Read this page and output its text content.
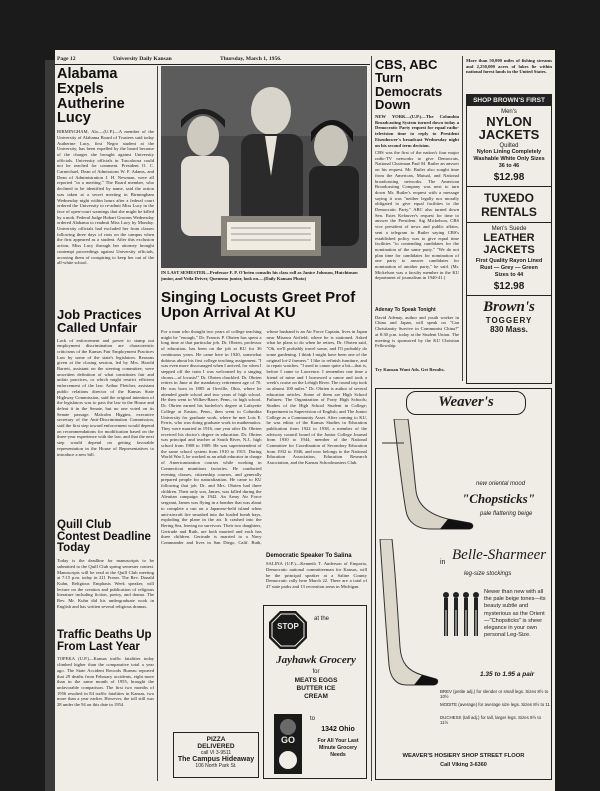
Page 12	University Daily Kansan	Thursday, March 1, 1956.
Alabama Expels Autherine Lucy
BIRMINGHAM, Ala.—(U.P.)—A member of the University of Alabama Board of Trustees said today Autherine Lucy, first Negro student at the University, has been expelled by the board because of the charges she brought against University officials. University officials in Tuscaloosa could not be reached for comment. President O. C. Carmichael, Dean of Admissions W. F. Adams, and Dean of Administration J. H. Newman, were all reported "in a meeting." The Board member, who declined to be identified by name, said the action was taken at a secret meeting in Birmingham Wednesday night within hours after a federal court ordered the University to re-admit Miss Lucy in the face of open-court warnings that she might be killed by a mob. Federal Judge Hobart Grooms Wednesday ordered Alabama to readmit Miss Lucy by Monday. University officials had excluded her from classes following three days of riots on the campus when the first appeared as a student. After this exclusion action, Miss Lucy through her attorney brought contempt proceedings against University officials, accusing them of conspiring to keep her out of the all-white school.
Job Practices Called Unfair
Lack of enforcement and power to stamp out employment discrimination are characteristic criticisms of the Kansas Fair Employment Practices Law by some of the state's legislators. Reasons given at the closing session, led by Mrs. Harold Barrett, assistant on the steering committee, were unwritten definition of what constitutes fair and unfair practices, or which might restrict efficient enforcement of the law. Arthur Fletcher, assistant public relations director of the Kansas State Highway Commission, said the original intention of the legislators was to pass the law in the House and defeat it in the Senate, but no one voted on its Senate passage. Malcolm Higgins, executive secretary of the Anti-Discrimination Commission, said the first step toward enforcement would depend on recommendations for modification based on the three-year experience with the law, and that the next step would depend on getting favorable representation in the House of Representatives to introduce a new bill.
Quill Club Contest Deadline Today
Today is the deadline for manuscripts to be submitted to the Quill Club spring semester contest. Manuscripts will be read at the Quill Club meeting at 7:15 p.m. today in 211 Fraser. The Rev. Donald Kuhn, Religious Emphasis Week speaker, will lecture on the creation and publication of religious literature including fiction, poetry, and drama. The Rev. Mr. Kuhn did his undergraduate work in English and has written several religious dramas.
Traffic Deaths Up From Last Year
TOPEKA (U.P.)—Kansas traffic fatalities today climbed higher than the comparative total a year ago. The State Accident Records Bureau reported that 29 deaths from February accidents, eight more than in the same month of 1955, brought the unfavorable comparison. The first two months of 1956 resulted in 84 traffic fatalities in Kansas, two more than a year earlier. However, the toll still was 28 under the 94 on this date in 1954.
IN LAST SEMESTER—Professor F. P. O'brien consults his class roll as Janice Johnson, Hutchinson junior, and Veila Driver, Quenemo junior, look on.—(Daily Kansan Photo)
Singing Locusts Greet Prof Upon Arrival At KU
For a man who thought two years of college teaching might be "enough," Dr. Francis P. Obrien has spent a long time at that particular job. Dr. Obrien, professor of education, has been on the job at KU for 36 continuous years. He came here in 1920, somewhat dubious about his first college teaching assignment. "I was even more discouraged when I arrived, for when I stepped off the train I was welcomed by a singing chorus—of locusts!" Dr. Obrien chuckled. Dr. Obrien retires in June at the mandatory retirement age of 70. He was born in 1885 at Orrville, Ohio, where he attended grade school and two years of high school. He then went to Wilkes-Barre, Penn., to high school. Dr. Obrien earned his bachelor's degree at Lafayette College at Easton, Penn., then went to Columbia University for graduate work, where he met Lois E. Ferris, who was doing graduate work in mathematics. They were married in 1916, one year after Dr. Obrien received his doctor's degree in education. Dr. Obrien was principal and teacher at South River, N.J., high school from 1908 to 1909. He was superintendent of the same school system from 1910 to 1915. During World War I, he worked as an adult educator in charge of Americanization courses while working in Connecticut munitions factories. He conducted evening classes, citizenship courses, and generally prepared people for naturalization. He came to KU following that job. Dr. and Mrs. Obrien had three children. Their only son, James, was killed during the Aleutian campaign in 1942. An Army Air Force sergeant, James was flying in a bomber that was about to complete a run on a Japanese-held island when anti-aircraft fire smashed into the loaded bomb bays, exploding the plane in the air. It crashed into the Bering Sea, leaving no survivors. Their two daughters, Gertrude and Ruth, are both married and each has three children. Gertrude is married to a Navy Commander and lives in San Diego, Calif. Ruth, whose husband is an Air Force Captain, lives in Japan near Misawa Airfield, where he is stationed. Asked what he plans to do when he retires, Dr. Obrien said, "Oh, we'll probably travel some, and I'll probably do some gardening. I think I might have been one of the original lot-2 farmers." I like to refinish furniture, and to repair watches. "I used to canoe quite a bit—that is, before I came to Lawrence. I remember one time a friend of mine and I borrowed a canoe and took a week's cruise on the Lehigh River. The round trip took us almost 100 miles." Dr. Obrien is author of several education articles. Some of them are High School Failures; The Organization of Forty High Schools; Studies of the High School Student in College; Experiment in Supervision of English; and The Junior College as a Community Asset. After coming to KU, he was editor of the Kansas Studies in Education publication from 1922 to 1938, a member of the advisory council board of the Junior College Journal from 1930 to 1944, member of the National Committee for Coordination of Secondary Education from 1932 to 1946, and now belongs to the National Education Association, Education Research Association, and the Kansas Schoolmasters Club.
Democratic Speaker To Salina
SALINA (U.P.)—Kenneth T. Anderson of Emporia, Democratic national committeeman for Kansas, will be the principal speaker at a Saline County Democratic rally here March 22. There are a total of 47 state parks and 13 recreation areas in Michigan.
STOP
at the
Jayhawk Grocery
for
MEATS EGGS BUTTER ICE CREAM
GO
to
1342 Ohio
For All Your Last Minute Grocery Needs
PIZZA
DELIVERED
call VI 3-9511
The Campus Hideaway
106 North Park St.
CBS, ABC Turn Democrats Down
NEW YORK—(U.P.)—The Columbia Broadcasting System turned down today a Democratic Party request for equal radio-television time to reply to President Eisenhower's broadcast Wednesday night on his second term decision.
CBS was the first of the nation's four major radio-TV networks to give Democrats, National Chairman Paul M. Butler an answer on his request. Mr. Butler also sought time from the American, Mutual, and National broadcasting networks. The American Broadcasting Company was next to turn down Mr. Butler's request with a message saying it was "neither legally nor morally obligated to give equal facilities to the Democratic Party." ABC also turned down Sen. Estes Kefauver's request for time to answer the President. Sig Mickelson, CBS vice president of news and public affairs, sent a telegram to Butler saying CBS's established policy was to give equal time facilities "to contending candidates for the nomination of the same party." "We do not plan time for candidates for nomination of one party to answer candidates for nomination of another party," he said. (Mr. Mickelson was a faculty member in the KU department of journalism in 1940-41.)
Adenay To Speak Tonight
David Adenay, author and youth worker in China and Japan, will speak on "Can Christianity Survive in Communist China?" at 8:30 p.m. today at the Student Union. The meeting is sponsored by the KU Christian Fellowship.
Try Kansan Want Ads. Get Results.
More than 50,000 miles of fishing streams and 2,250,000 acres of lakes lie within national forest lands in the United States.
SHOP BROWN'S FIRST
Men's
NYLON
JACKETS
Quilted
Nylon Lining Completely Washable White Only Sizes 36 to 46
$12.98
TUXEDO
RENTALS
Men's Suede
LEATHER
JACKETS
First Quality Rayon Lined
Rust — Grey — Green Sizes to 44
$12.98
Brown's
TOGGERY
830 Mass.
Weaver's
new oriental mood
"Chopsticks"
pale flattering beige
in Belle-Sharmeer
leg-size stockings
Newer than new with all the pale beige tones—its beauty subtle and mysterious as the Orient—"Chopsticks" is sheer elegance in your own personal Leg-Size.
1.35 to 1.95 a pair
BREV (petite adj.) for slender or small legs. Sizes 8½ to 10½
MODITE (average) for average size legs. Sizes 8½ to 11
DUCHESS (tall adj.) for tall, larger legs. Sizes 9½ to 11½
WEAVER'S HOSIERY SHOP STREET FLOOR
Call Viking 3-6360
